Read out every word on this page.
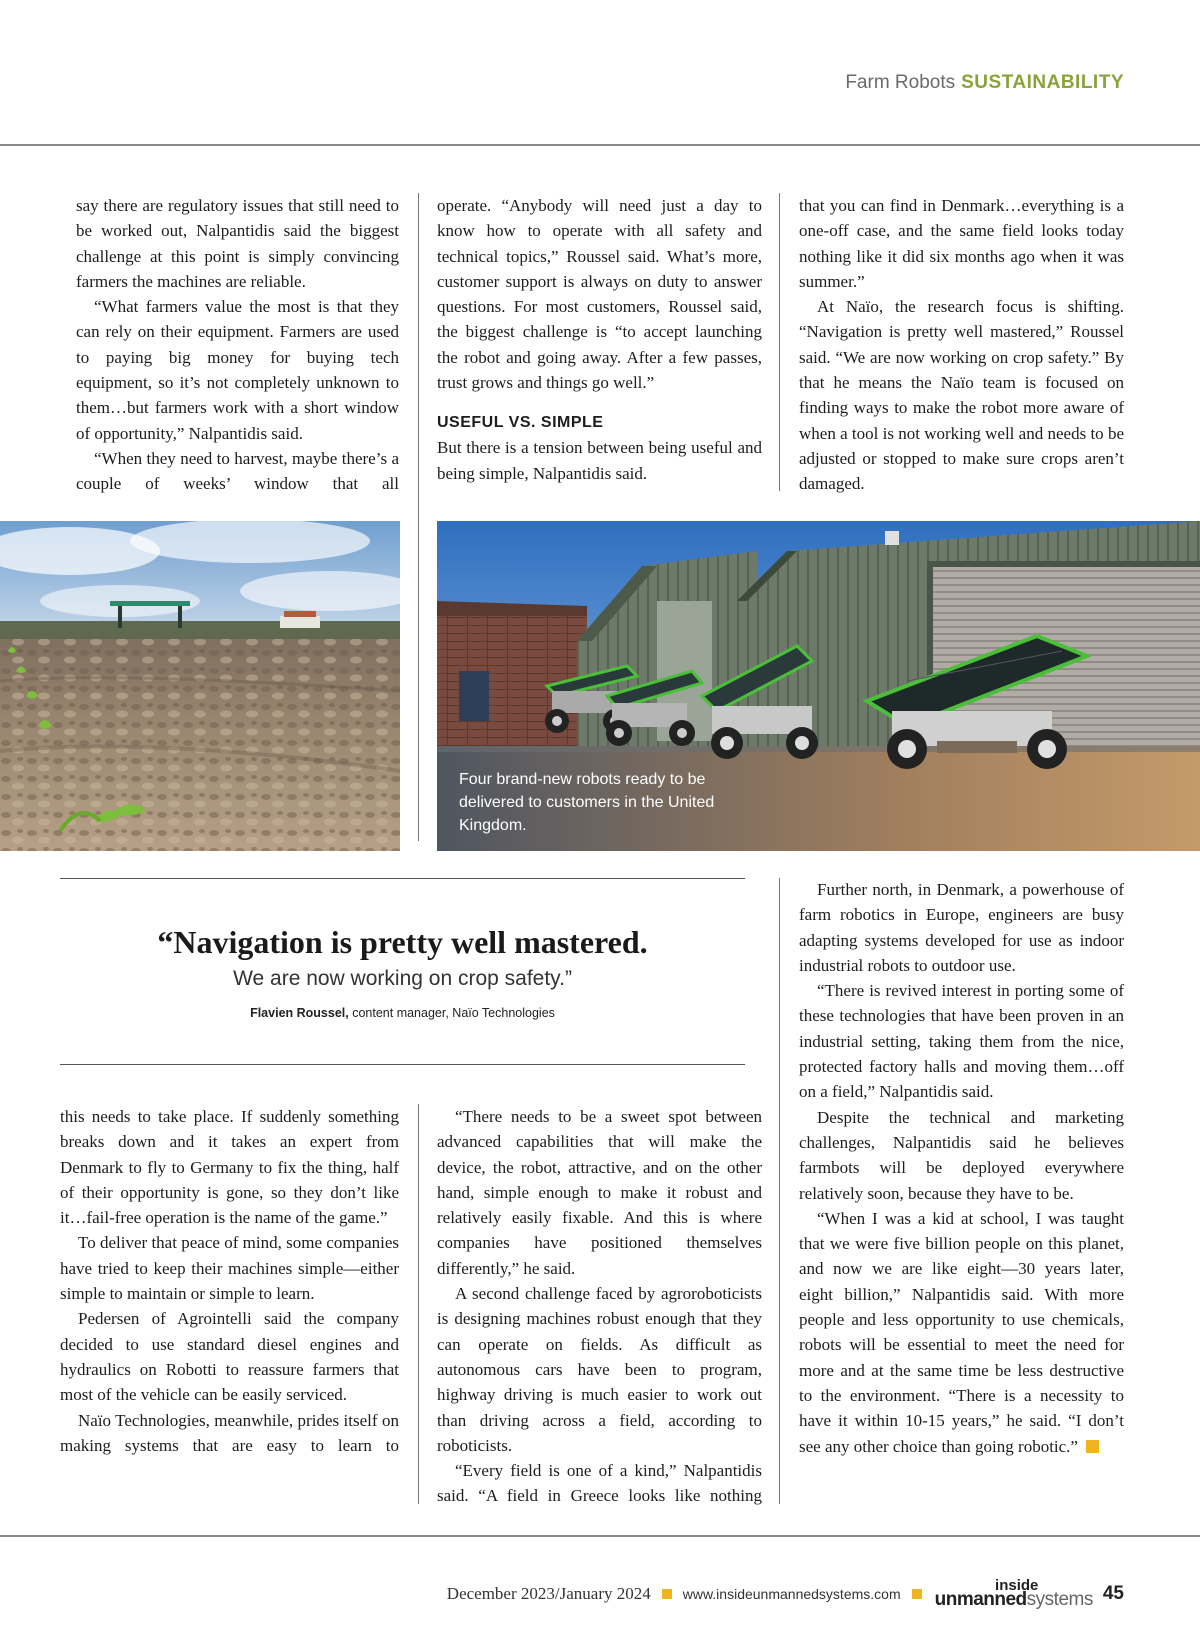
Farm Robots SUSTAINABILITY

say there are regulatory issues that still need to be worked out, Nalpantidis said the biggest challenge at this point is simply convincing farmers the machines are reliable.

“What farmers value the most is that they can rely on their equipment. Farmers are used to paying big money for buying tech equipment, so it’s not completely unknown to them…but farmers work with a short window of opportunity,” Nalpantidis said.

“When they need to harvest, maybe there’s a couple of weeks’ window that all

operate. “Anybody will need just a day to know how to operate with all safety and technical topics,” Roussel said. What’s more, customer support is always on duty to answer questions. For most customers, Roussel said, the biggest challenge is “to accept launching the robot and going away. After a few passes, trust grows and things go well.”

USEFUL VS. SIMPLE

But there is a tension between being useful and being simple, Nalpantidis said.

that you can find in Denmark…everything is a one-off case, and the same field looks today nothing like it did six months ago when it was summer.”

At Naïo, the research focus is shifting. “Navigation is pretty well mastered,” Roussel said. “We are now working on crop safety.” By that he means the Naïo team is focused on finding ways to make the robot more aware of when a tool is not working well and needs to be adjusted or stopped to make sure crops aren’t damaged.

Four brand-new robots ready to be delivered to customers in the United Kingdom.
“Navigation is pretty well mastered.
We are now working on crop safety.”
Flavien Roussel, content manager, Naïo Technologies

this needs to take place. If suddenly something breaks down and it takes an expert from Denmark to fly to Germany to fix the thing, half of their opportunity is gone, so they don’t like it…fail-free operation is the name of the game.”

To deliver that peace of mind, some companies have tried to keep their machines simple—either simple to maintain or simple to learn.

Pedersen of Agrointelli said the company decided to use standard diesel engines and hydraulics on Robotti to reassure farmers that most of the vehicle can be easily serviced.

Naïo Technologies, meanwhile, prides itself on making systems that are easy to learn to

“There needs to be a sweet spot between advanced capabilities that will make the device, the robot, attractive, and on the other hand, simple enough to make it robust and relatively easily fixable. And this is where companies have positioned themselves differently,” he said.

A second challenge faced by agroroboticists is designing machines robust enough that they can operate on fields. As difficult as autonomous cars have been to program, highway driving is much easier to work out than driving across a field, according to roboticists.

“Every field is one of a kind,” Nalpantidis said. “A field in Greece looks like nothing

Further north, in Denmark, a powerhouse of farm robotics in Europe, engineers are busy adapting systems developed for use as indoor industrial robots to outdoor use.

“There is revived interest in porting some of these technologies that have been proven in an industrial setting, taking them from the nice, protected factory halls and moving them…off on a field,” Nalpantidis said.

Despite the technical and marketing challenges, Nalpantidis said he believes farmbots will be deployed everywhere relatively soon, because they have to be.

“When I was a kid at school, I was taught that we were five billion people on this planet, and now we are like eight—30 years later, eight billion,” Nalpantidis said. With more people and less opportunity to use chemicals, robots will be essential to meet the need for more and at the same time be less destructive to the environment. “There is a necessity to have it within 10-15 years,” he said. “I don’t see any other choice than going robotic.”

December 2023/January 2024 www.insideunmannedsystems.com	inside
unmannedsystems 45
